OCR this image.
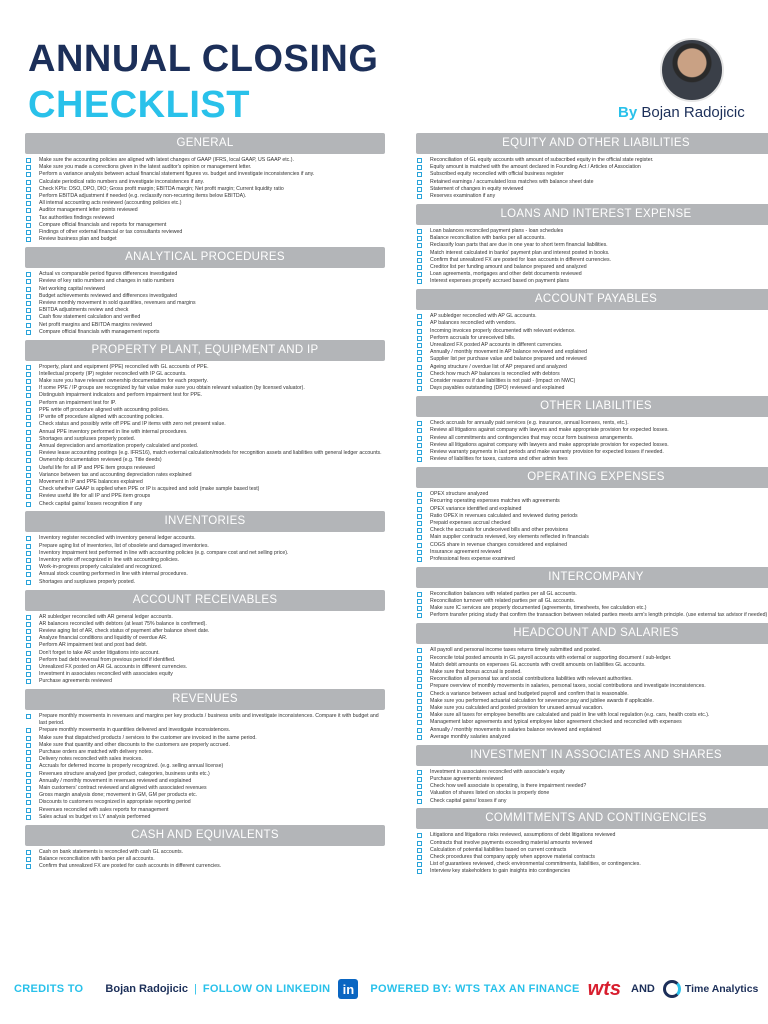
ANNUAL CLOSING
CHECKLIST	By Bojan Radojicic
GENERAL
Make sure the accounting policies are aligned with latest changes of GAAP (IFRS, local GAAP, US GAAP etc.).
Make sure you made a corrections given in the latest auditor's opinion or management letter.
Perform a variance analysis between actual financial statement figures vs. budget and investigate inconsistencies if any.
Calculate periodical ratio numbers and investigate inconsistences if any.
Check KPIs: DSO, DPO, DIO; Gross profit margin; EBITDA margin; Net profit margin; Current liquidity ratio
Perform EBITDA adjustment if needed (e.g. reclassify non-recurring items below EBITDA).
All internal accounting acts reviewed (accounting policies etc.)
Auditor management letter points reviewed
Tax authorities findings reviewed
Compare official financials and reports for management
Findings of other external financial or tax consultants reviewed
Review business plan and budget
ANALYTICAL PROCEDURES
Actual vs comparable period figures differences investigated
Review of key ratio numbers and changes in ratio numbers
Net working capital reviewed
Budget achievements reviewed and differences investigated
Review monthly movement in sold quantities, revenues and margins
EBITDA adjustments review and check
Cash flow statement calculation and verified
Net profit margins and EBITDA margins reviewed
Compare official financials with management reports
PROPERTY PLANT, EQUIPMENT AND IP
Property, plant and equipment (PPE) reconciled with GL accounts of PPE.
Intellectual property (IP) register reconciled with IP GL accounts.
Make sure you have relevant ownership documentation for each property.
If some PPE / IP groups are recognized by fair value make sure you obtain relevant valuation (by licensed valuator).
Distinguish impairment indicators and perform impairment test for PPE.
Perform an impairment test for IP.
PPE write off procedure aligned with accounting policies.
IP write off procedure aligned with accounting policies.
Check status and possibly write off PPE and IP items with zero net present value.
Annual PPE inventory performed in line with internal procedures.
Shortages and surpluses properly posted.
Annual depreciation and amortization properly calculated and posted.
Review lease accounting postings (e.g. IFRS16), match external calculation/models for recognition assets and liabilities with general ledger accounts.
Ownership documentation reviewed (e.g. Title deeds)
Useful life for all IP and PPE item groups reviewed
Variance between tax and accounting depreciation rates explained
Movement in IP and PPE balances explained
Check whether GAAP is applied when PPE or IP is acquired and sold (make sample based test)
Review useful life for all IP and PPE item groups
Check capital gains/ losses recognition if any
INVENTORIES
Inventory register reconciled with inventory general ledger accounts.
Prepare aging list of inventories, list of obsolete and damaged inventories.
Inventory impairment test performed in line with accounting policies (e.g. compare cost and net selling price).
Inventory write off recognized in line with accounting policies.
Work-in-progress properly calculated and recognized.
Annual stock counting performed in line with internal procedures.
Shortages and surpluses properly posted.
ACCOUNT RECEIVABLES
AR subledger reconciled with AR general ledger accounts.
AR balances reconciled with debtors (at least 75% balance is confirmed).
Review aging list of AR, check status of payment after balance sheet date.
Analyze financial conditions and liquidity of overdue AR.
Perform AR impairment test and post bad debt.
Don't forget to take AR under litigations into account.
Perform bad debt reversal from previous period if identified.
Unrealized FX posted on AR GL accounts in different currencies.
Investment in associates reconciled with associates equity
Purchase agreements reviewed
REVENUES
Prepare monthly movements in revenues and margins per key products / business units and investigate inconsistences. Compare it with budget and last period.
Prepare monthly movements in quantities delivered and investigate inconsistences.
Make sure that dispatched products / services to the customer are invoiced in the same period.
Make sure that quantity and other discounts to the customers are properly accrued.
Purchase orders are matched with delivery notes.
Delivery notes reconciled with sales invoices.
Accruals for deferred income is properly recognized. (e.g. selling annual license)
Revenues structure analyzed (per product, categories, business units etc.)
Annually / monthly movement in revenues reviewed and explained
Main customers' contract reviewed and aligned with associated revenues
Gross margin analysis done; movement in GM, GM per products etc.
Discounts to customers recognized in appropriate reporting period
Revenues reconciled with sales reports for management
Sales actual vs budget vs LY analysis performed
CASH AND EQUIVALENTS
Cash on bank statements is reconciled with cash GL accounts.
Balance reconciliation with banks per all accounts.
Confirm that unrealized FX are posted for cash accounts in different currencies.
EQUITY AND OTHER LIABILITIES
Reconciliation of GL equity accounts with amount of subscribed equity in the official state register.
Equity amount is matched with the amount declared in Founding Act / Articles of Association
Subscribed equity reconciled with official business register
Retained earnings / accumulated loss matches with balance sheet date
Statement of changes in equity reviewed
Reserves examination if any
LOANS AND INTEREST EXPENSE
Loan balances reconciled payment plans - loan schedules
Balance reconciliation with banks per all accounts.
Reclassify loan parts that are due in one year to short term financial liabilities.
Match interest calculated in banks' payment plan and interest posted in books.
Confirm that unrealized FX are posted for loan accounts in different currencies.
Creditor list per funding amount and balance prepared and analyzed
Loan agreements, mortgages and other debt documents reviewed
Interest expenses properly accrued based on payment plans
ACCOUNT PAYABLES
AP subledger reconciled with AP GL accounts.
AP balances reconciled with vendors.
Incoming invoices properly documented with relevant evidence.
Perform accruals for unreceived bills.
Unrealized FX posted AP accounts in different currencies.
Annually / monthly movement in AP balance reviewed and explained
Supplier list per purchase value and balance prepared and reviewed
Ageing structure / overdue list of AP prepared and analyzed
Check how much AP balances is reconciled with debtors
Consider reasons if due liabilities is not paid - (impact on NWC)
Days payables outstanding (DPO) reviewed and explained
OTHER LIABILITIES
Check accruals for annually paid services (e.g. insurance, annual licenses, rents, etc.).
Review all litigations against company with lawyers and make appropriate provision for expected losses.
Review all commitments and contingencies that may occur form business arrangements.
Review all litigations against company with lawyers and make appropriate provision for expected losses.
Review warranty payments in last periods and make warranty provision for expected losses if needed.
Review of liabilities for taxes, customs and other admin fees
OPERATING EXPENSES
OPEX structure analyzed
Recurring operating expenses matches with agreements
OPEX variance identified and explained
Ratio OPEX in revenues calculated and reviewed during periods
Prepaid expenses accrual checked
Check the accruals for undeceived bills and other provisions
Main supplier contracts reviewed, key elements reflected in financials
COGS share in revenue changes considered and explained
Insurance agreement reviewed
Professional fees expense examined
INTERCOMPANY
Reconciliation balances with related parties per all GL accounts.
Reconciliation turnover with related parties per all GL accounts.
Make sure IC services are properly documented (agreements, timesheets, fee calculation etc.)
Perform transfer pricing study that confirm the transaction between related parties meets arm's length principle. (use external tax advisor if needed)
HEADCOUNT AND SALARIES
All payroll and personal income taxes returns timely submitted and posted.
Reconcile total posted amounts in GL payroll accounts with external or supporting document / sub-ledger.
Match debit amounts on expenses GL accounts with credit amounts on liabilities GL accounts.
Make sure that bonus accrual is posted.
Reconciliation all personal tax and social contributions liabilities with relevant authorities.
Prepare overview of monthly movements in salaries, personal taxes, social contributions and investigate inconsistences.
Check a variance between actual and budgeted payroll and confirm that is reasonable.
Make sure you performed actuarial calculation for severance pay and jubilee awards if applicable.
Make sure you calculated and posted provision for unused annual vacation.
Make sure all taxes for employee benefits are calculated and paid in line with local regulation (e.g. cars, health costs etc.).
Management labor agreements and typical employee labor agreement checked and reconciled with expenses
Annually / monthly movements in salaries balance reviewed and explained
Average monthly salaries analyzed
INVESTMENT IN ASSOCIATES AND SHARES
Investment in associates reconciled with associate's equity
Purchase agreements reviewed
Check how well associate is operating, is there impairment needed?
Valuation of shares listed on stocks is properly done
Check capital gains/ losses if any
COMMITMENTS AND CONTINGENCIES
Litigations and litigations risks reviewed, assumptions of debt litigations reviewed
Contracts that involve payments exceeding material amounts reviewed
Calculation of potential liabilities based on current contracts
Check procedures that company apply when approve material contracts
List of guarantees reviewed, check environmental commitments, liabilities, or contingencies.
Interview key stakeholders to gain insights into contingencies
CREDITS TO Bojan Radojicic | FOLLOW ON LINKEDIN in	POWERED BY: WTS TAX AN FINANCE wts AND	Time Analytics
